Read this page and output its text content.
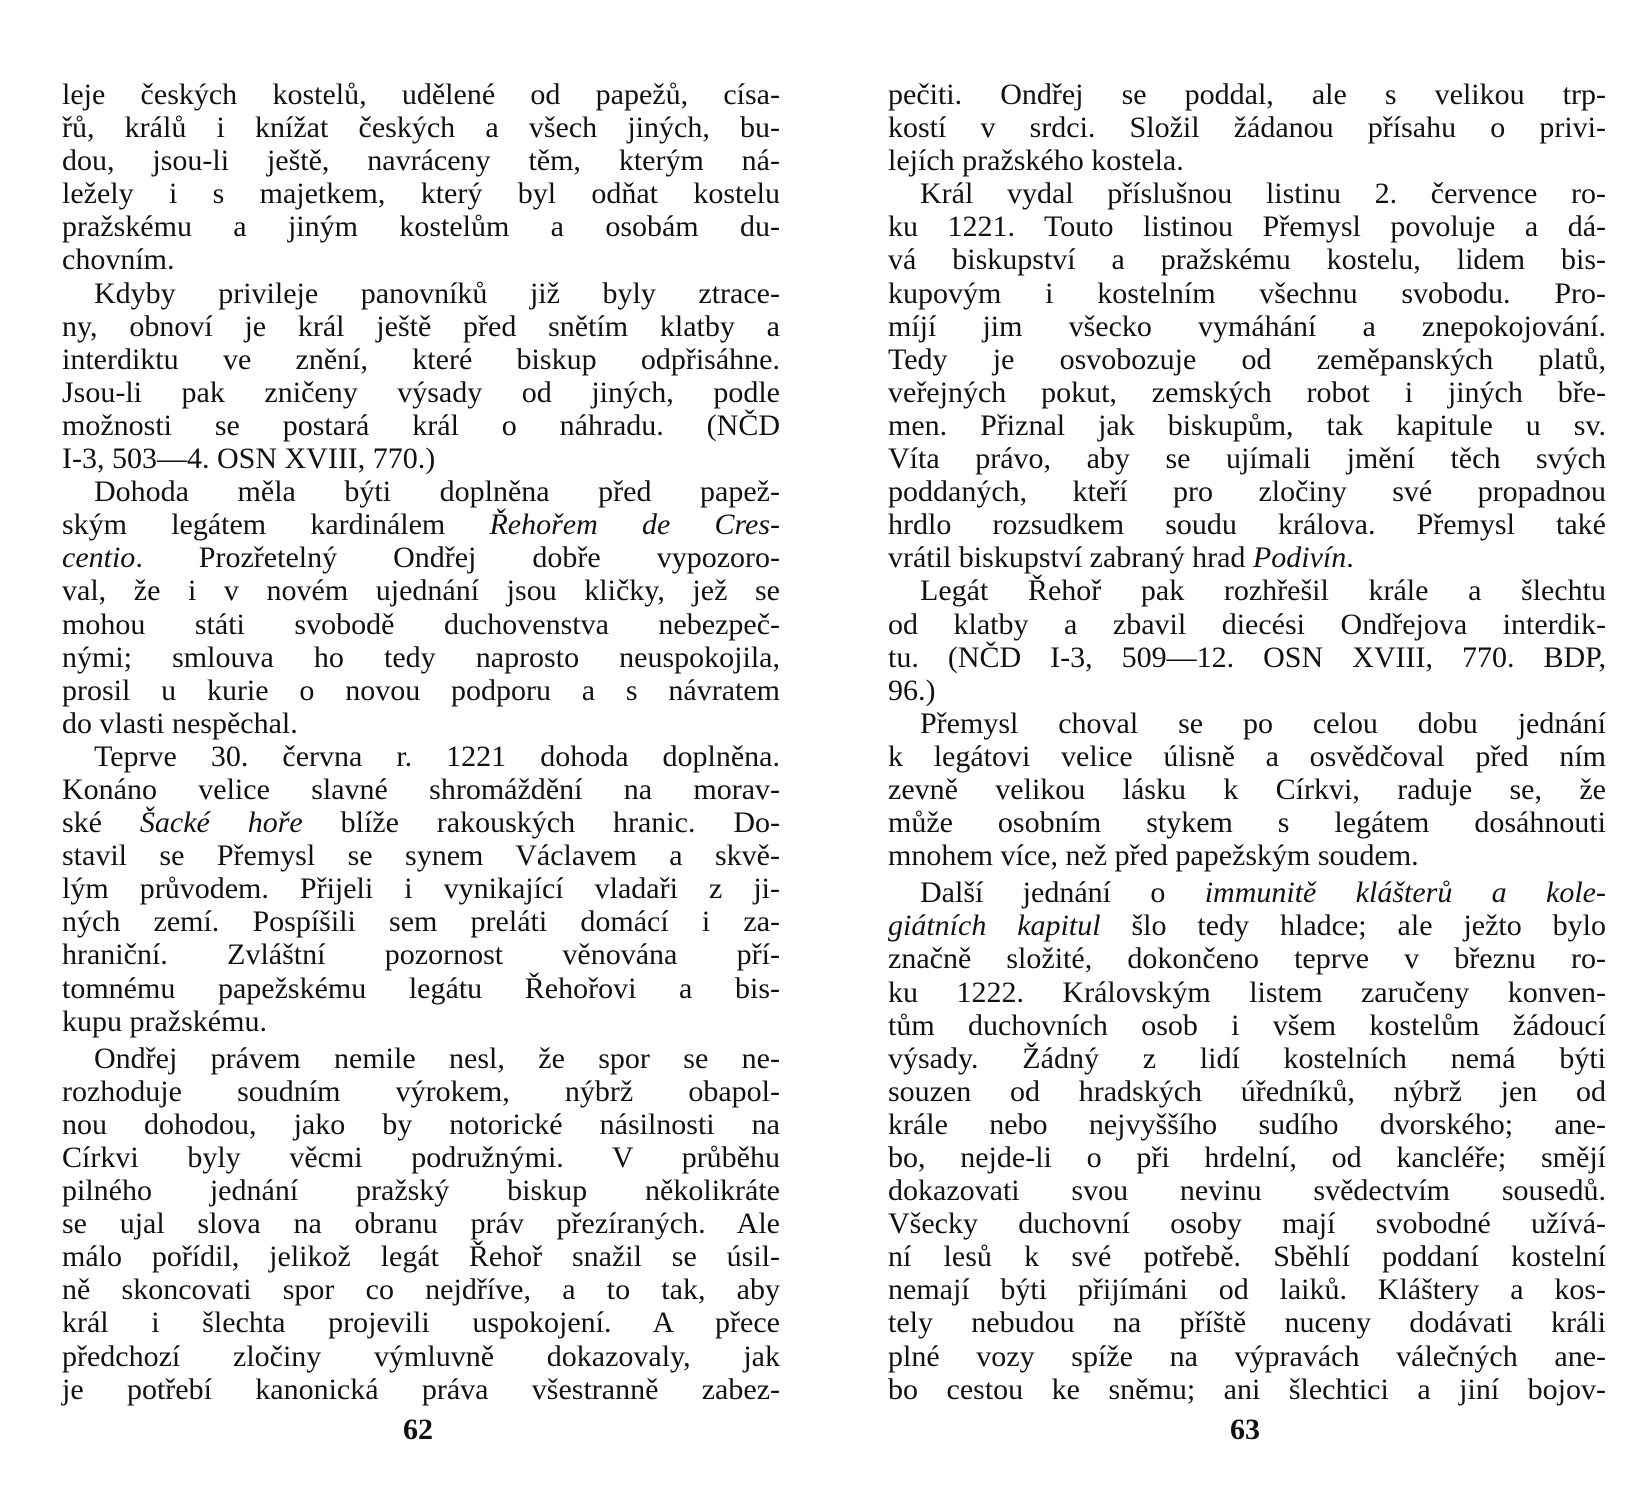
leje českých kostelů, udělené od papežů, císa-
řů, králů i knížat českých a všech jiných, bu-
dou, jsou-li ještě, navráceny těm, kterým ná-
ležely i s majetkem, který byl odňat kostelu
pražskému a jiným kostelům a osobám du-
chovním.
Kdyby privileje panovníků již byly ztrace-
ny, obnoví je král ještě před snětím klatby a
interdiktu ve znění, které biskup odpřisáhne.
Jsou-li pak zničeny výsady od jiných, podle
možnosti se postará král o náhradu. (NČD
I-3, 503—4. OSN XVIII, 770.)
Dohoda měla býti doplněna před papež-
ským legátem kardinálem Řehořem de Cres-
centio. Prozřetelný Ondřej dobře vypozoro-
val, že i v novém ujednání jsou kličky, jež se
mohou státi svobodě duchovenstva nebezpeč-
nými; smlouva ho tedy naprosto neuspokojila,
prosil u kurie o novou podporu a s návratem
do vlasti nespěchal.
Teprve 30. června r. 1221 dohoda doplněna.
Konáno velice slavné shromáždění na morav-
ské Šacké hoře blíže rakouských hranic. Do-
stavil se Přemysl se synem Václavem a skvě-
lým průvodem. Přijeli i vynikající vladaři z ji-
ných zemí. Pospíšili sem preláti domácí i za-
hraniční. Zvláštní pozornost věnována pří-
tomnému papežskému legátu Řehořovi a bis-
kupu pražskému.
Ondřej právem nemile nesl, že spor se ne-
rozhoduje soudním výrokem, nýbrž obapol-
nou dohodou, jako by notorické násilnosti na
Církvi byly věcmi podružnými. V průběhu
pilného jednání pražský biskup několikráte
se ujal slova na obranu práv přezíraných. Ale
málo pořídil, jelikož legát Řehoř snažil se úsil-
ně skoncovati spor co nejdříve, a to tak, aby
král i šlechta projevili uspokojení. A přece
předchozí zločiny výmluvně dokazovaly, jak
je potřebí kanonická práva všestranně zabez-
pečiti. Ondřej se poddal, ale s velikou trp-
kostí v srdci. Složil žádanou přísahu o privi-
lejích pražského kostela.
Král vydal příslušnou listinu 2. července ro-
ku 1221. Touto listinou Přemysl povoluje a dá-
vá biskupství a pražskému kostelu, lidem bis-
kupovým i kostelním všechnu svobodu. Pro-
míjí jim všecko vymáhání a znepokojování.
Tedy je osvobozuje od zeměpanských platů,
veřejných pokut, zemských robot i jiných bře-
men. Přiznal jak biskupům, tak kapitule u sv.
Víta právo, aby se ujímali jmění těch svých
poddaných, kteří pro zločiny své propadnou
hrdlo rozsudkem soudu králova. Přemysl také
vrátil biskupství zabraný hrad Podivín.
Legát Řehoř pak rozhřešil krále a šlechtu
od klatby a zbavil diecési Ondřejova interdik-
tu. (NČD I-3, 509—12. OSN XVIII, 770. BDP,
96.)
Přemysl choval se po celou dobu jednání
k legátovi velice úlisně a osvědčoval před ním
zevně velikou lásku k Církvi, raduje se, že
může osobním stykem s legátem dosáhnouti
mnohem více, než před papežským soudem.
Další jednání o immunitě klášterů a kole-
giátních kapitul šlo tedy hladce; ale ježto bylo
značně složité, dokončeno teprve v březnu ro-
ku 1222. Královským listem zaručeny konven-
tům duchovních osob i všem kostelům žádoucí
výsady. Žádný z lidí kostelních nemá býti
souzen od hradských úředníků, nýbrž jen od
krále nebo nejvyššího sudího dvorského; ane-
bo, nejde-li o při hrdelní, od kancléře; smějí
dokazovati svou nevinu svědectvím sousedů.
Všecky duchovní osoby mají svobodné užívá-
ní lesů k své potřebě. Sběhlí poddaní kostelní
nemají býti přijímáni od laiků. Kláštery a kos-
tely nebudou na příště nuceny dodávati králi
plné vozy spíže na výpravách válečných ane-
bo cestou ke sněmu; ani šlechtici a jiní bojov-
62	63
